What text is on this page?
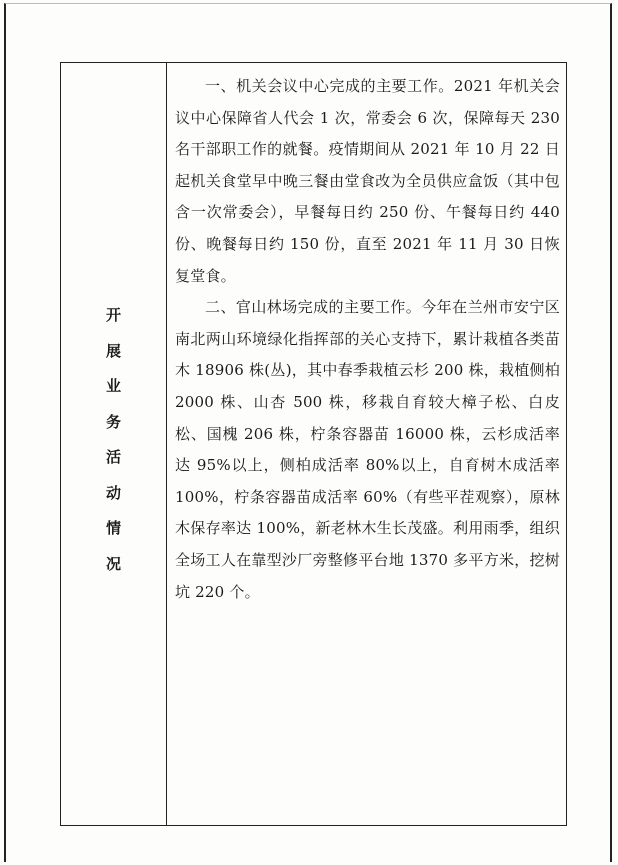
开
展
业
务
活
动
情
况

一、机关会议中心完成的主要工作。2021 年机关会议中心保障省人代会 1 次，常委会 6 次，保障每天 230 名干部职工作的就餐。疫情期间从 2021 年 10 月 22 日起机关食堂早中晚三餐由堂食改为全员供应盒饭（其中包含一次常委会），早餐每日约 250 份、午餐每日约 440 份、晚餐每日约 150 份，直至 2021 年 11 月 30 日恢复堂食。

二、官山林场完成的主要工作。今年在兰州市安宁区南北两山环境绿化指挥部的关心支持下，累计栽植各类苗木 18906 株(丛)，其中春季栽植云杉 200 株，栽植侧柏 2000 株、山杏 500 株，移栽自育较大樟子松、白皮松、国槐 206 株，柠条容器苗 16000 株，云杉成活率达 95%以上，侧柏成活率 80%以上，自育树木成活率 100%，柠条容器苗成活率 60%（有些平茬观察），原林木保存率达 100%，新老林木生长茂盛。利用雨季，组织全场工人在靠型沙厂旁整修平台地 1370 多平方米，挖树坑 220 个。
